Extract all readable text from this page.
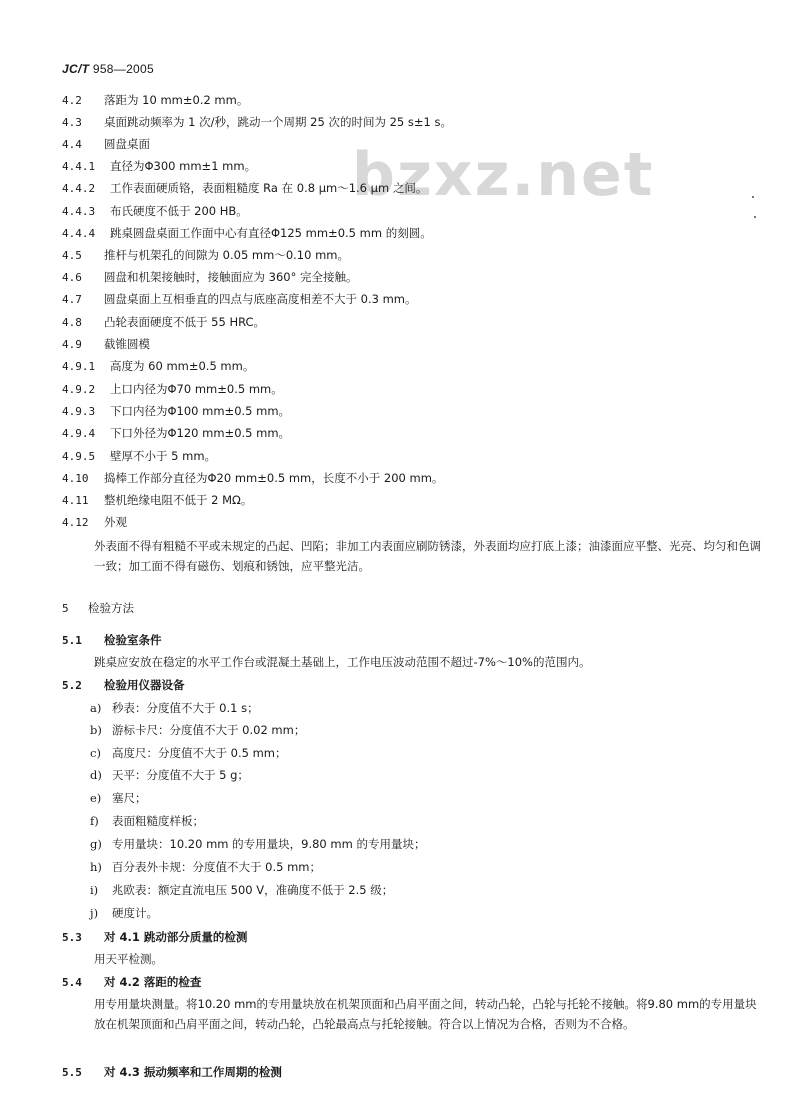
JC/T 958—2005
bzxz.net
4.2 落距为 10 mm±0.2 mm。
4.3 桌面跳动频率为 1 次/秒，跳动一个周期 25 次的时间为 25 s±1 s。
4.4 圆盘桌面
4.4.1 直径为Φ300 mm±1 mm。
4.4.2 工作表面硬质铬，表面粗糙度 Ra 在 0.8 μm～1.6 μm 之间。
4.4.3 布氏硬度不低于 200 HB。
4.4.4 跳桌圆盘桌面工作面中心有直径Φ125 mm±0.5 mm 的刻圆。
4.5 推杆与机架孔的间隙为 0.05 mm～0.10 mm。
4.6 圆盘和机架接触时，接触面应为 360° 完全接触。
4.7 圆盘桌面上互相垂直的四点与底座高度相差不大于 0.3 mm。
4.8 凸轮表面硬度不低于 55 HRC。
4.9 截锥圆模
4.9.1 高度为 60 mm±0.5 mm。
4.9.2 上口内径为Φ70 mm±0.5 mm。
4.9.3 下口内径为Φ100 mm±0.5 mm。
4.9.4 下口外径为Φ120 mm±0.5 mm。
4.9.5 壁厚不小于 5 mm。
4.10 捣棒工作部分直径为Φ20 mm±0.5 mm，长度不小于 200 mm。
4.11 整机绝缘电阻不低于 2 MΩ。
4.12 外观
外表面不得有粗糙不平或未规定的凸起、凹陷；非加工内表面应刷防锈漆，外表面均应打底上漆；油漆面应平整、光亮、均匀和色调一致；加工面不得有磁伤、划痕和锈蚀，应平整光洁。
5 检验方法
5.1 检验室条件
跳桌应安放在稳定的水平工作台或混凝土基础上，工作电压波动范围不超过-7%～10%的范围内。
5.2 检验用仪器设备
a) 秒表：分度值不大于 0.1 s；
b) 游标卡尺：分度值不大于 0.02 mm；
c) 高度尺：分度值不大于 0.5 mm；
d) 天平：分度值不大于 5 g；
e) 塞尺；
f) 表面粗糙度样板；
g) 专用量块：10.20 mm 的专用量块，9.80 mm 的专用量块；
h) 百分表外卡规：分度值不大于 0.5 mm；
i) 兆欧表：额定直流电压 500 V，准确度不低于 2.5 级；
j) 硬度计。
5.3 对 4.1 跳动部分质量的检测
用天平检测。
5.4 对 4.2 落距的检查
用专用量块测量。将10.20 mm的专用量块放在机架顶面和凸肩平面之间，转动凸轮，凸轮与托轮不接触。将9.80 mm的专用量块放在机架顶面和凸肩平面之间，转动凸轮，凸轮最高点与托轮接触。符合以上情况为合格，否则为不合格。
5.5 对 4.3 振动频率和工作周期的检测
